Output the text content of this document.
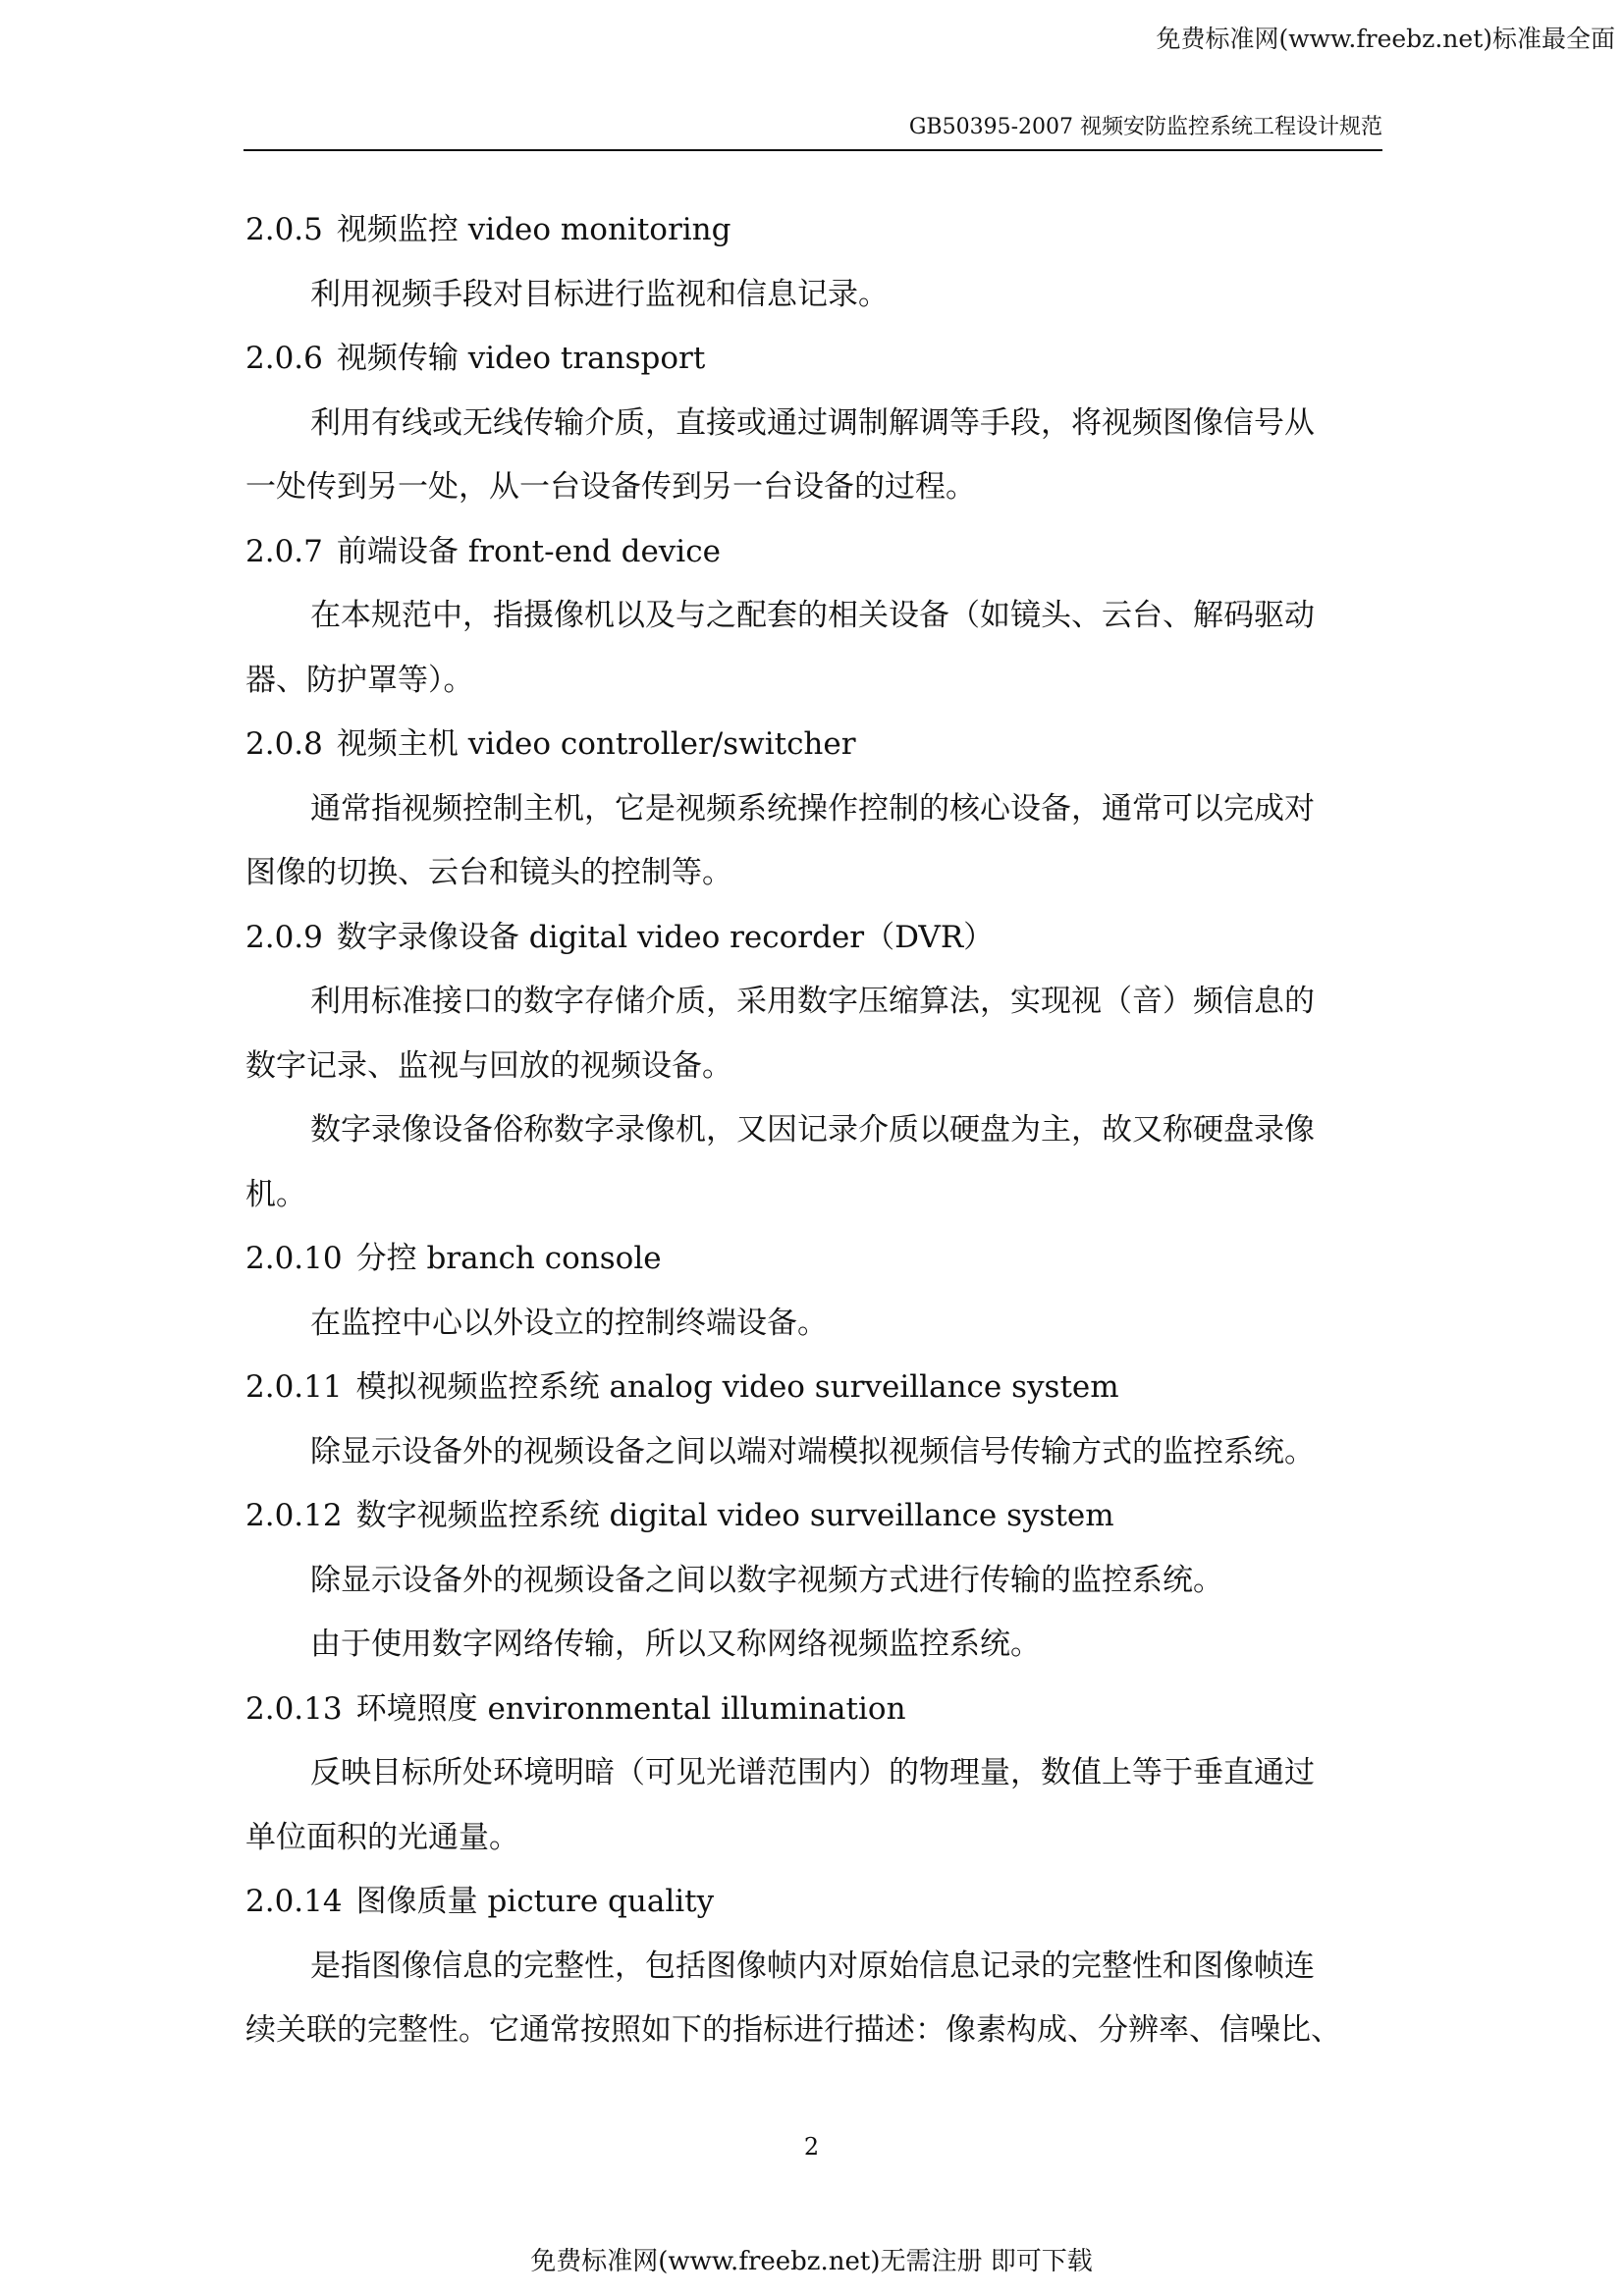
免费标准网(www.freebz.net)标准最全面
GB50395-2007 视频安防监控系统工程设计规范
2.0.5 视频监控 video monitoring
利用视频手段对目标进行监视和信息记录。
2.0.6 视频传输 video transport
利用有线或无线传输介质，直接或通过调制解调等手段，将视频图像信号从
一处传到另一处，从一台设备传到另一台设备的过程。
2.0.7 前端设备 front-end device
在本规范中，指摄像机以及与之配套的相关设备（如镜头、云台、解码驱动
器、防护罩等）。
2.0.8 视频主机 video controller/switcher
通常指视频控制主机，它是视频系统操作控制的核心设备，通常可以完成对
图像的切换、云台和镜头的控制等。
2.0.9 数字录像设备 digital video recorder（DVR）
利用标准接口的数字存储介质，采用数字压缩算法，实现视（音）频信息的
数字记录、监视与回放的视频设备。
数字录像设备俗称数字录像机，又因记录介质以硬盘为主，故又称硬盘录像
机。
2.0.10 分控 branch console
在监控中心以外设立的控制终端设备。
2.0.11 模拟视频监控系统 analog video surveillance system
除显示设备外的视频设备之间以端对端模拟视频信号传输方式的监控系统。
2.0.12 数字视频监控系统 digital video surveillance system
除显示设备外的视频设备之间以数字视频方式进行传输的监控系统。
由于使用数字网络传输，所以又称网络视频监控系统。
2.0.13 环境照度 environmental illumination
反映目标所处环境明暗（可见光谱范围内）的物理量，数值上等于垂直通过
单位面积的光通量。
2.0.14 图像质量 picture quality
是指图像信息的完整性，包括图像帧内对原始信息记录的完整性和图像帧连
续关联的完整性。它通常按照如下的指标进行描述：像素构成、分辨率、信噪比、
2
免费标准网(www.freebz.net)无需注册 即可下载
